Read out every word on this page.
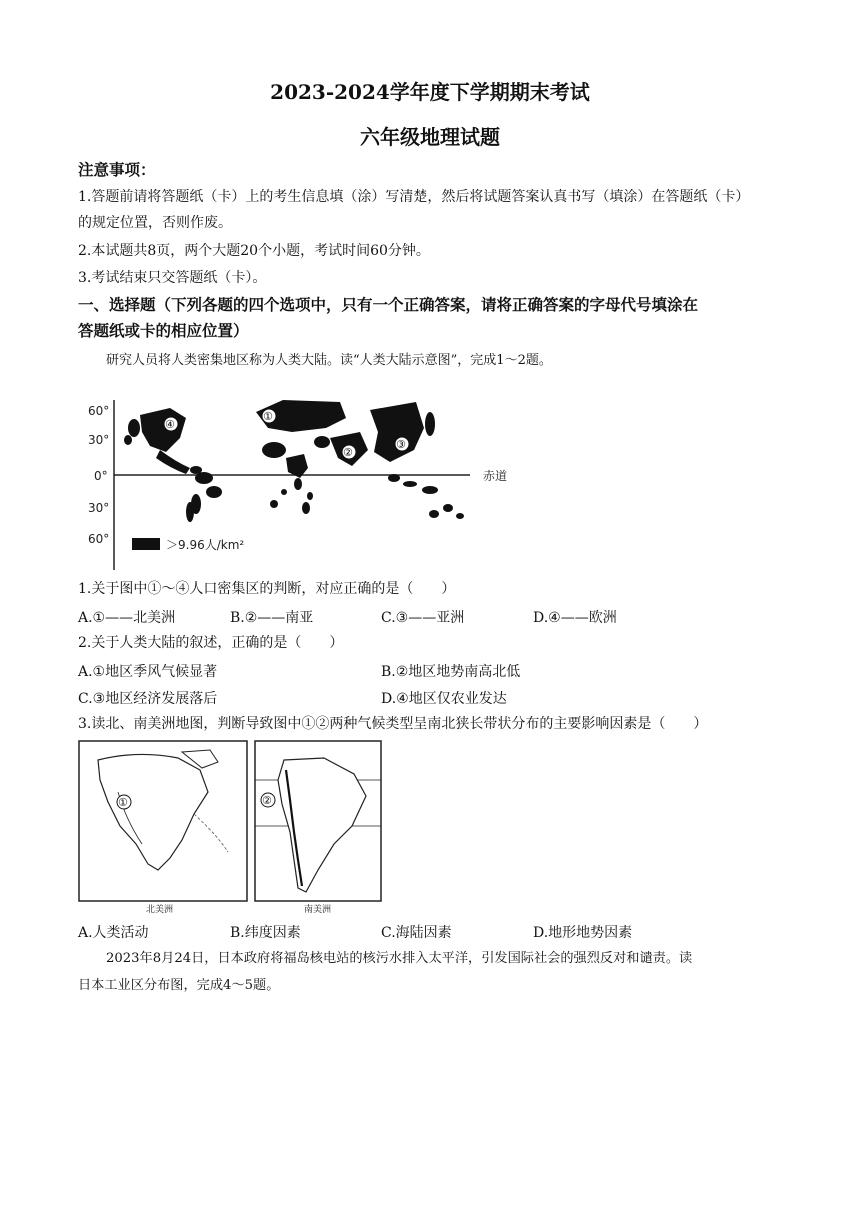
2023-2024学年度下学期期末考试
六年级地理试题
注意事项：
1.答题前请将答题纸（卡）上的考生信息填（涂）写清楚，然后将试题答案认真书写（填涂）在答题纸（卡）
的规定位置，否则作废。
2.本试题共8页，两个大题20个小题，考试时间60分钟。
3.考试结束只交答题纸（卡）。
一、选择题（下列各题的四个选项中，只有一个正确答案，请将正确答案的字母代号填涂在
答题纸或卡的相应位置）
研究人员将人类密集地区称为人类大陆。读“人类大陆示意图”，完成1～2题。
60°
30°
0°
30°
60°
赤道
④
①
②
③
＞9.96人/km²
1.关于图中①～④人口密集区的判断，对应正确的是（　　）
A.①——北美洲	B.②——南亚	C.③——亚洲	D.④——欧洲
2.关于人类大陆的叙述，正确的是（　　）
A.①地区季风气候显著	B.②地区地势南高北低
C.③地区经济发展落后	D.④地区仅农业发达
3.读北、南美洲地图，判断导致图中①②两种气候类型呈南北狭长带状分布的主要影响因素是（　　）
①
北美洲
②
南美洲
A.人类活动	B.纬度因素	C.海陆因素	D.地形地势因素
2023年8月24日，日本政府将福岛核电站的核污水排入太平洋，引发国际社会的强烈反对和谴责。读
日本工业区分布图，完成4～5题。
